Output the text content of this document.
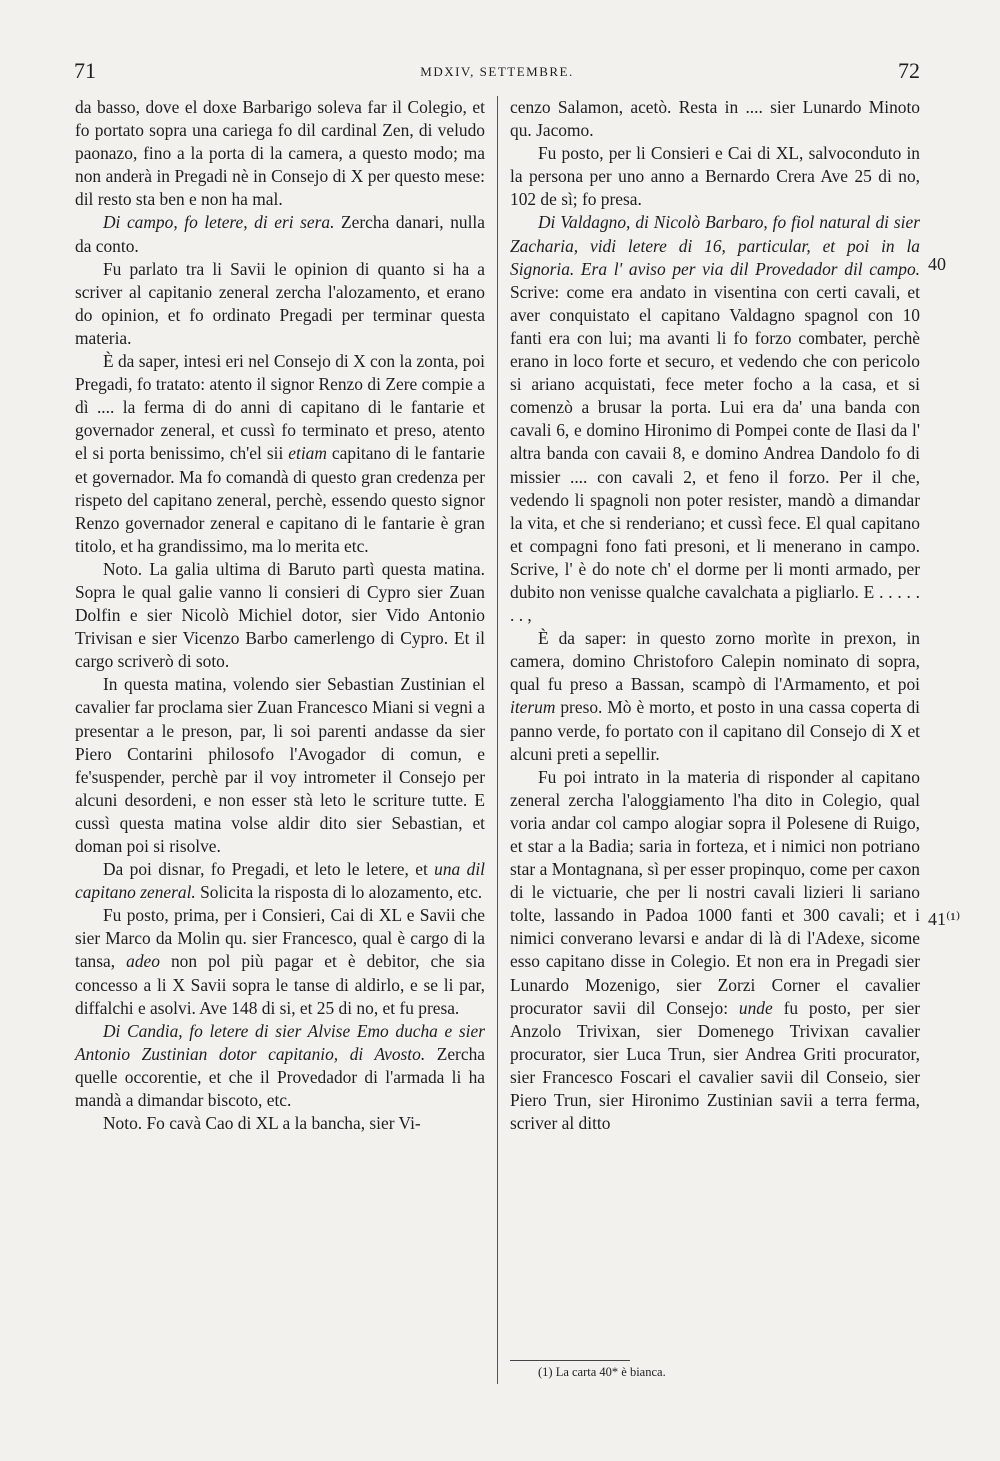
71	MDXIV, SETTEMBRE.	72

da basso, dove el doxe Barbarigo soleva far il Colegio, et fo portato sopra una cariega fo dil cardinal Zen, di veludo paonazo, fino a la porta di la camera, a questo modo; ma non anderà in Pregadi nè in Consejo di X per questo mese: dil resto sta ben e non ha mal.

Di campo, fo letere, di eri sera. Zercha danari, nulla da conto.

Fu parlato tra li Savii le opinion di quanto si ha a scriver al capitanio zeneral zercha l'alozamento, et erano do opinion, et fo ordinato Pregadi per terminar questa materia.

È da saper, intesi eri nel Consejo di X con la zonta, poi Pregadi, fo tratato: atento il signor Renzo di Zere compie a dì .... la ferma di do anni di capitano di le fantarie et governador zeneral, et cussì fo terminato et preso, atento el si porta benissimo, ch'el sii etiam capitano di le fantarie et governador. Ma fo comandà di questo gran credenza per rispeto del capitano zeneral, perchè, essendo questo signor Renzo governador zeneral e capitano di le fantarie è gran titolo, et ha grandissimo, ma lo merita etc.

Noto. La galia ultima di Baruto partì questa matina. Sopra le qual galie vanno li consieri di Cypro sier Zuan Dolfin e sier Nicolò Michiel dotor, sier Vido Antonio Trivisan e sier Vicenzo Barbo camerlengo di Cypro. Et il cargo scriverò di soto.

In questa matina, volendo sier Sebastian Zustinian el cavalier far proclama sier Zuan Francesco Miani si vegni a presentar a le preson, par, li soi parenti andasse da sier Piero Contarini philosofo l'Avogador di comun, e fe'suspender, perchè par il voy intrometer il Consejo per alcuni desordeni, e non esser stà leto le scriture tutte. E cussì questa matina volse aldir dito sier Sebastian, et doman poi si risolve.

Da poi disnar, fo Pregadi, et leto le letere, et una dil capitano zeneral. Solicita la risposta di lo alozamento, etc.

Fu posto, prima, per i Consieri, Cai di XL e Savii che sier Marco da Molin qu. sier Francesco, qual è cargo di la tansa, adeo non pol più pagar et è debitor, che sia concesso a li X Savii sopra le tanse di aldirlo, e se li par, diffalchi e asolvi. Ave 148 di si, et 25 di no, et fu presa.

Di Candia, fo letere di sier Alvise Emo ducha e sier Antonio Zustinian dotor capitanio, di Avosto. Zercha quelle occorentie, et che il Provedador di l'armada li ha mandà a dimandar biscoto, etc.

Noto. Fo cavà Cao di XL a la bancha, sier Vi-

cenzo Salamon, acetò. Resta in .... sier Lunardo Minoto qu. Jacomo.

Fu posto, per li Consieri e Cai di XL, salvoconduto in la persona per uno anno a Bernardo Crera Ave 25 di no, 102 de sì; fo presa.

Di Valdagno, di Nicolò Barbaro, fo fiol natural di sier Zacharia, vidi letere di 16, particular, et poi in la Signoria. Era l' aviso per via dil Provedador dil campo. Scrive: come era andato in visentina con certi cavali, et aver conquistato el capitano Valdagno spagnol con 10 fanti era con lui; ma avanti li fo forzo combater, perchè erano in loco forte et securo, et vedendo che con pericolo si ariano acquistati, fece meter focho a la casa, et si comenzò a brusar la porta. Lui era da' una banda con cavali 6, e domino Hironimo di Pompei conte de Ilasi da l' altra banda con cavaii 8, e domino Andrea Dandolo fo di missier .... con cavali 2, et feno il forzo. Per il che, vedendo li spagnoli non poter resister, mandò a dimandar la vita, et che si renderiano; et cussì fece. El qual capitano et compagni fono fati presoni, et li menerano in campo. Scrive, l' è do note ch' el dorme per li monti armado, per dubito non venisse qualche cavalchata a pigliarlo. E . . . . . . . ,

È da saper: in questo zorno morìte in prexon, in camera, domino Christoforo Calepin nominato di sopra, qual fu preso a Bassan, scampò di l'Armamento, et poi iterum preso. Mò è morto, et posto in una cassa coperta di panno verde, fo portato con il capitano dil Consejo di X et alcuni preti a sepellir.

Fu poi intrato in la materia di risponder al capitano zeneral zercha l'aloggiamento l'ha dito in Colegio, qual voria andar col campo alogiar sopra il Polesene di Ruigo, et star a la Badia; saria in forteza, et i nimici non potriano star a Montagnana, sì per esser propinquo, come per caxon di le victuarie, che per li nostri cavali lizieri li sariano tolte, lassando in Padoa 1000 fanti et 300 cavali; et i nimici converano levarsi e andar di là di l'Adexe, sicome esso capitano disse in Colegio. Et non era in Pregadi sier Lunardo Mozenigo, sier Zorzi Corner el cavalier procurator savii dil Consejo: unde fu posto, per sier Anzolo Trivixan, sier Domenego Trivixan cavalier procurator, sier Luca Trun, sier Andrea Griti procurator, sier Francesco Foscari el cavalier savii dil Conseio, sier Piero Trun, sier Hironimo Zustinian savii a terra ferma, scriver al ditto

40
41⁽¹⁾
(1) La carta 40* è bianca.
